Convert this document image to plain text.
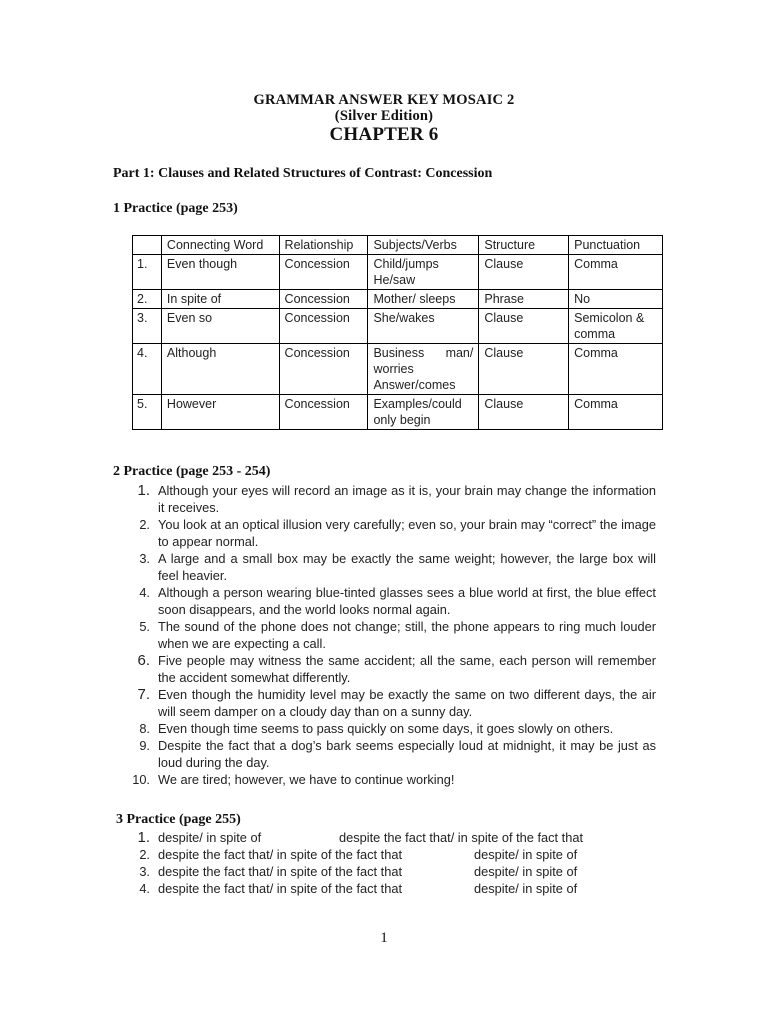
GRAMMAR ANSWER KEY MOSAIC 2
(Silver Edition)
CHAPTER 6
Part 1: Clauses and Related Structures of Contrast: Concession
1 Practice (page 253)
	Connecting Word	Relationship	Subjects/Verbs	Structure	Punctuation
1.	Even though	Concession	Child/jumps He/saw	Clause	Comma
2.	In spite of	Concession	Mother/ sleeps	Phrase	No
3.	Even so	Concession	She/wakes	Clause	Semicolon & comma
4.	Although	Concession	Business man/ worries Answer/comes	Clause	Comma
5.	However	Concession	Examples/could only begin	Clause	Comma
2 Practice (page 253 - 254)
1. Although your eyes will record an image as it is, your brain may change the information it receives.
2. You look at an optical illusion very carefully; even so, your brain may “correct” the image to appear normal.
3. A large and a small box may be exactly the same weight; however, the large box will feel heavier.
4. Although a person wearing blue-tinted glasses sees a blue world at first, the blue effect soon disappears, and the world looks normal again.
5. The sound of the phone does not change; still, the phone appears to ring much louder when we are expecting a call.
6. Five people may witness the same accident; all the same, each person will remember the accident somewhat differently.
7. Even though the humidity level may be exactly the same on two different days, the air will seem damper on a cloudy day than on a sunny day.
8. Even though time seems to pass quickly on some days, it goes slowly on others.
9. Despite the fact that a dog’s bark seems especially loud at midnight, it may be just as loud during the day.
10. We are tired; however, we have to continue working!
3 Practice (page 255)
1. despite/ in spite of	despite the fact that/ in spite of the fact that
2. despite the fact that/ in spite of the fact that	despite/ in spite of
3. despite the fact that/ in spite of the fact that	despite/ in spite of
4. despite the fact that/ in spite of the fact that	despite/ in spite of
1
